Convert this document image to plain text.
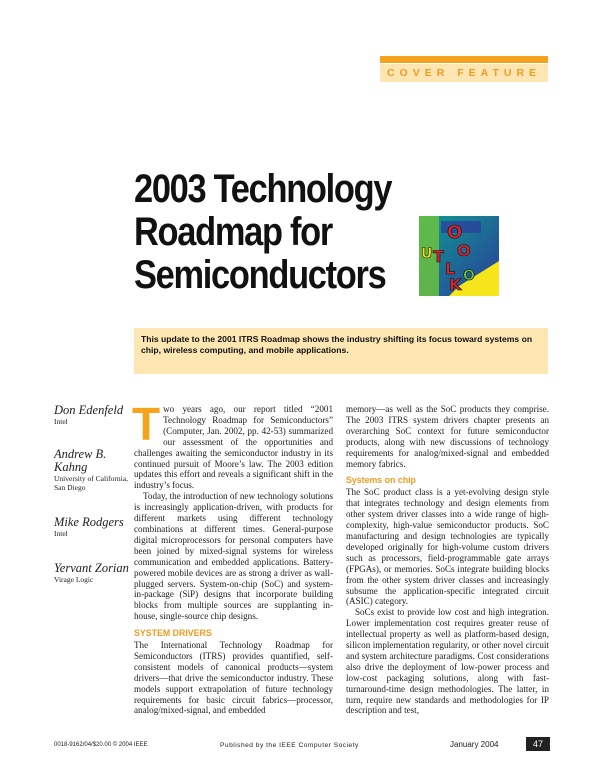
COVER FEATURE
2003 Technology
Roadmap for
Semiconductors
O
U T
L
O
O
K
This update to the 2001 ITRS Roadmap shows the industry shifting its focus toward systems on chip, wireless computing, and mobile applications.
Don Edenfeld
Intel
Andrew B. Kahng
University of California, San Diego
Mike Rodgers
Intel
Yervant Zorian
Virage Logic

Two years ago, our report titled “2001 Technology Roadmap for Semiconductors” (Computer, Jan. 2002, pp. 42-53) summarized our assessment of the opportunities and challenges awaiting the semiconductor industry in its continued pursuit of Moore’s law. The 2003 edition updates this effort and reveals a significant shift in the industry’s focus.

Today, the introduction of new technology solutions is increasingly application-driven, with products for different markets using different technology combinations at different times. General-purpose digital microprocessors for personal computers have been joined by mixed-signal systems for wireless communication and embedded applications. Battery-powered mobile devices are as strong a driver as wall-plugged servers. System-on-chip (SoC) and system-in-package (SiP) designs that incorporate building blocks from multiple sources are supplanting in-house, single-source chip designs.

SYSTEM DRIVERS

The International Technology Roadmap for Semiconductors (ITRS) provides quantified, self-consistent models of canonical products—system drivers—that drive the semiconductor industry. These models support extrapolation of future technology requirements for basic circuit fabrics—processor, analog/mixed-signal, and embedded

memory—as well as the SoC products they comprise. The 2003 ITRS system drivers chapter presents an overarching SoC context for future semiconductor products, along with new discussions of technology requirements for analog/mixed-signal and embedded memory fabrics.

Systems on chip

The SoC product class is a yet-evolving design style that integrates technology and design elements from other system driver classes into a wide range of high-complexity, high-value semiconductor products. SoC manufacturing and design technologies are typically developed originally for high-volume custom drivers such as processors, field-programmable gate arrays (FPGAs), or memories. SoCs integrate building blocks from the other system driver classes and increasingly subsume the application-specific integrated circuit (ASIC) category.

SoCs exist to provide low cost and high integration. Lower implementation cost requires greater reuse of intellectual property as well as platform-based design, silicon implementation regularity, or other novel circuit and system architecture paradigms. Cost considerations also drive the deployment of low-power process and low-cost packaging solutions, along with fast-turnaround-time design methodologies. The latter, in turn, require new standards and methodologies for IP description and test,

0018-9162/04/$20.00 © 2004 IEEE	Published by the IEEE Computer Society	January 2004	47
